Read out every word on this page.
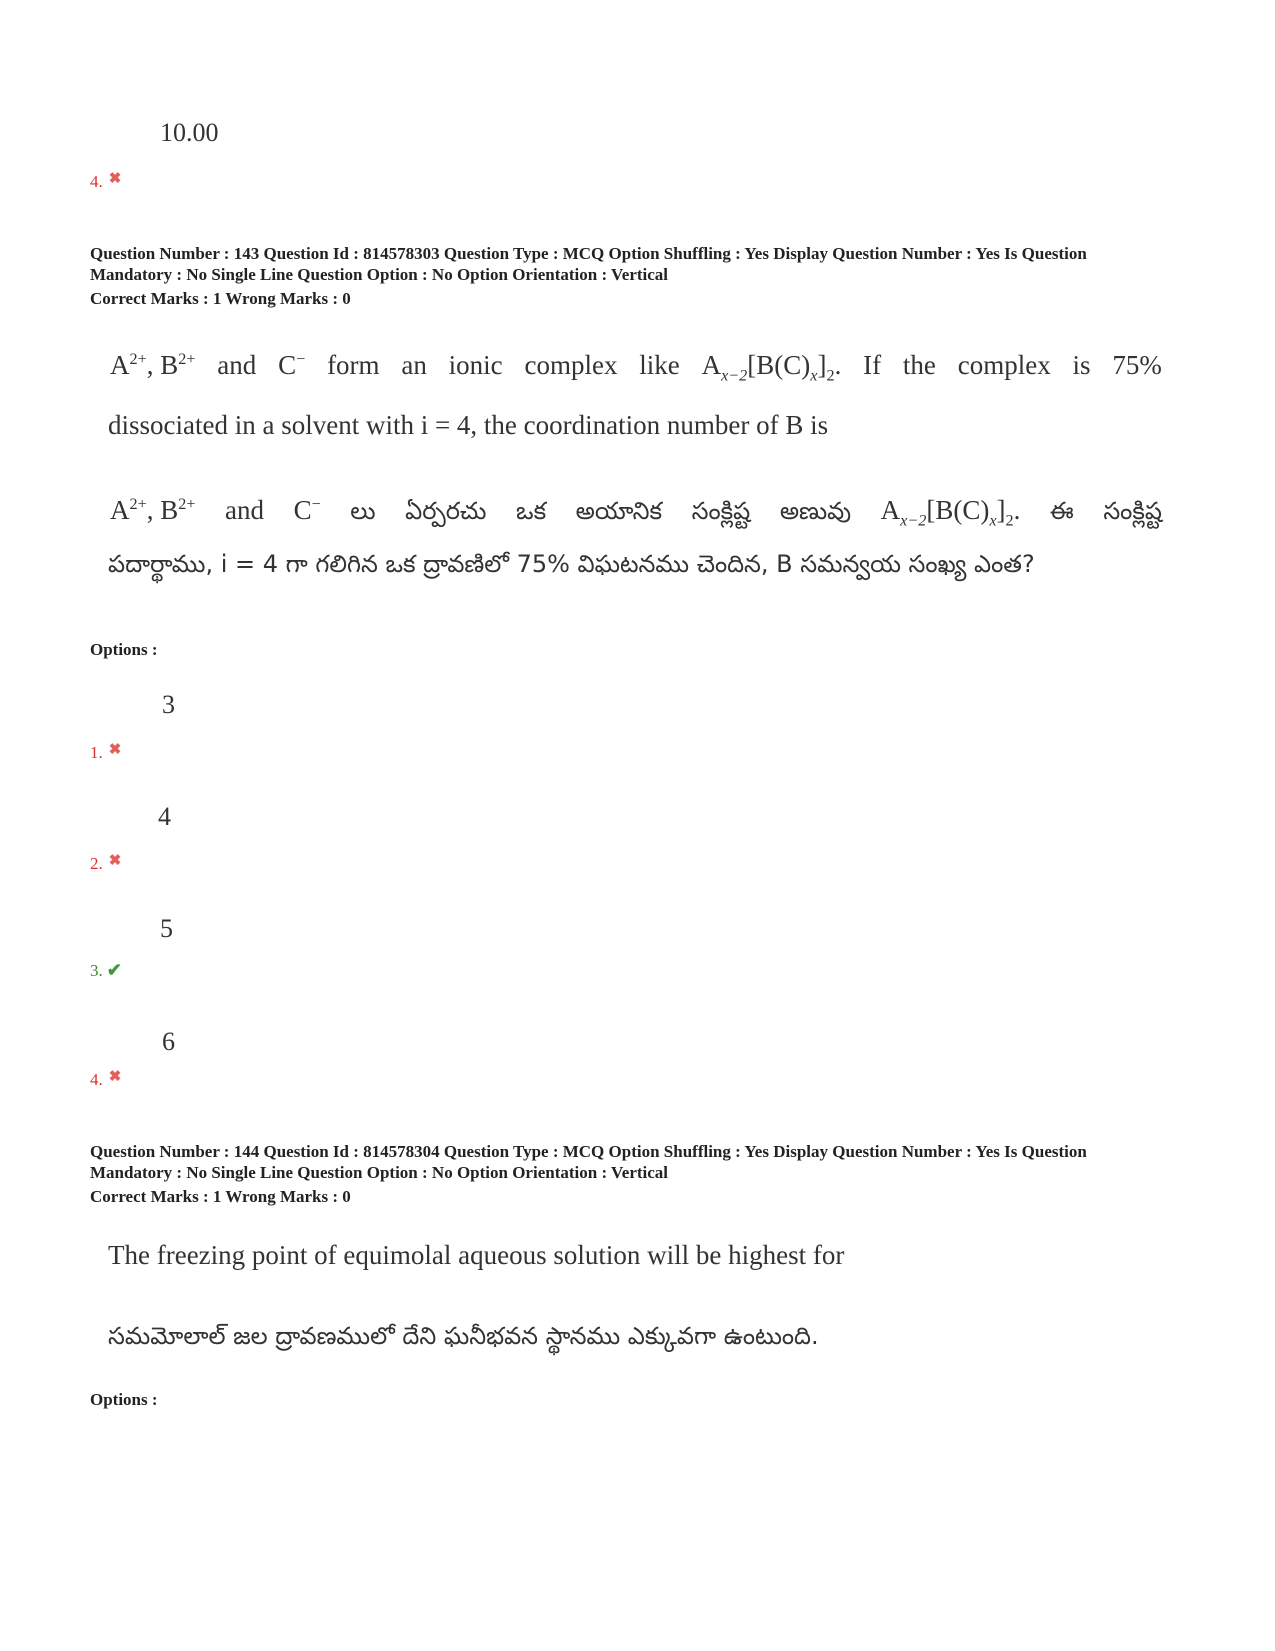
10.00
4. ✖

Question Number : 143 Question Id : 814578303 Question Type : MCQ Option Shuffling : Yes Display Question Number : Yes Is Question

Mandatory : No Single Line Question Option : No Option Orientation : Vertical

Correct Marks : 1 Wrong Marks : 0

$A^{2+}$, $B^{2+}$ and C− form an ionic complex like $A_{x-2}[B(C)_x]_2$. If the complex is 75%
dissociated in a solvent with i = 4, the coordination number of B is
$A^{2+}$, $B^{2+}$ and C− లు ఏర్పరచు ఒక అయానిక సంక్లిష్ట అణువు $A_{x-2}[B(C)_x]_2$. ఈ సంక్లిష్ట
పదార్థాము, i = 4 గా గలిగిన ఒక ద్రావణిలో 75% విఘటనము చెందిన, B సమన్వయ సంఖ్య ఎంత?
Options :
3
1. ✖
4
2. ✖
5
3. ✔
6
4. ✖

Question Number : 144 Question Id : 814578304 Question Type : MCQ Option Shuffling : Yes Display Question Number : Yes Is Question

Mandatory : No Single Line Question Option : No Option Orientation : Vertical

Correct Marks : 1 Wrong Marks : 0

The freezing point of equimolal aqueous solution will be highest for
సమమోలాల్ జల ద్రావణములో దేని ఘనీభవన స్థానము ఎక్కువగా ఉంటుంది.
Options :
